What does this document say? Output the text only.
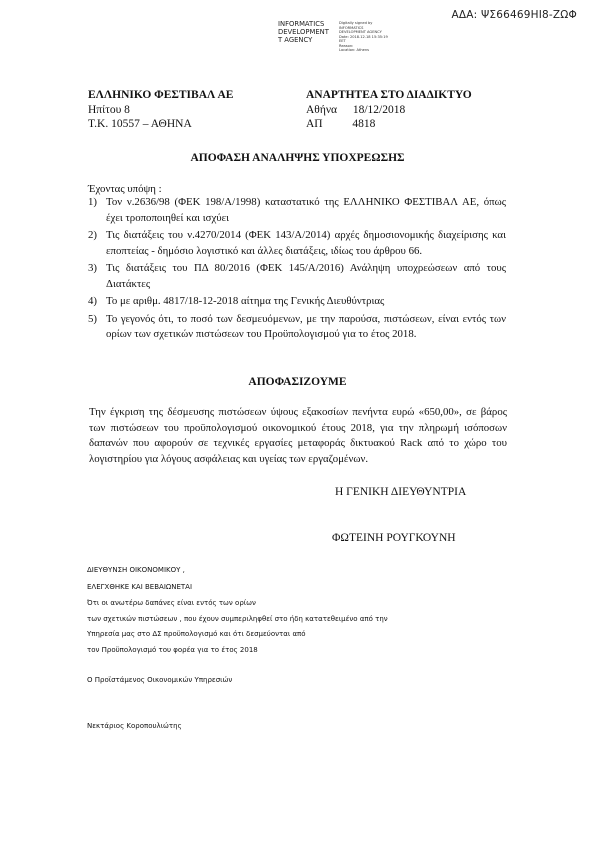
ΑΔΑ: ΨΣ66469ΗΙ8-ΖΩΦ
INFORMATICS
DEVELOPMENT
T AGENCY
Digitally signed by
INFORMATICS
DEVELOPMENT AGENCY
Date: 2018.12.18 15:35:19
EET
Reason:
Location: Athens
ΕΛΛΗΝΙΚΟ ΦΕΣΤΙΒΑΛ ΑΕ
Ηπίτου 8
Τ.Κ. 10557 – ΑΘΗΝΑ
ΑΝΑΡΤΗΤΕΑ ΣΤΟ ΔΙΑΔΙΚΤΥΟ
Αθήνα 18/12/2018
ΑΠ	4818
ΑΠΟΦΑΣΗ ΑΝΑΛΗΨΗΣ ΥΠΟΧΡΕΩΣΗΣ
Έχοντας υπόψη :
1) Τον ν.2636/98 (ΦΕΚ 198/Α/1998) καταστατικό της ΕΛΛΗΝΙΚΟ ΦΕΣΤΙΒΑΛ ΑΕ, όπως έχει τροποποιηθεί και ισχύει
2) Τις διατάξεις του ν.4270/2014 (ΦΕΚ 143/Α/2014) αρχές δημοσιονομικής διαχείρισης και εποπτείας - δημόσιο λογιστικό και άλλες διατάξεις, ιδίως του άρθρου 66.
3) Τις διατάξεις του ΠΔ 80/2016 (ΦΕΚ 145/Α/2016) Ανάληψη υποχρεώσεων από τους Διατάκτες
4) Το με αριθμ. 4817/18-12-2018 αίτημα της Γενικής Διευθύντριας
5) Το γεγονός ότι, το ποσό των δεσμευόμενων, με την παρούσα, πιστώσεων, είναι εντός των ορίων των σχετικών πιστώσεων του Προϋπολογισμού για το έτος 2018.
ΑΠΟΦΑΣΙΖΟΥΜΕ
Την έγκριση της δέσμευσης πιστώσεων ύψους εξακοσίων πενήντα ευρώ «650,00», σε βάρος των πιστώσεων του προϋπολογισμού οικονομικού έτους 2018, για την πληρωμή ισόποσων δαπανών που αφορούν σε τεχνικές εργασίες μεταφοράς δικτυακού Rack από το χώρο του λογιστηρίου για λόγους ασφάλειας και υγείας των εργαζομένων.
Η ΓΕΝΙΚΗ ΔΙΕΥΘΥΝΤΡΙΑ
ΦΩΤΕΙΝΗ ΡΟΥΓΚΟΥΝΗ
ΔΙΕΥΘΥΝΣΗ ΟΙΚΟΝΟΜΙΚΟΥ ,
ΕΛΕΓΧΘΗΚΕ ΚΑΙ ΒΕΒΑΙΩΝΕΤΑΙ
Ότι οι ανωτέρω δαπάνες είναι εντός των ορίων
των σχετικών πιστώσεων , που έχουν συμπεριληφθεί στο ήδη κατατεθειμένο από την
Υπηρεσία μας στο ΔΣ προϋπολογισμό και ότι δεσμεύονται από
τον Προϋπολογισμό του φορέα για το έτος 2018
Ο Προϊστάμενος Οικονομικών Υπηρεσιών
Νεκτάριος Κοροπουλιώτης
